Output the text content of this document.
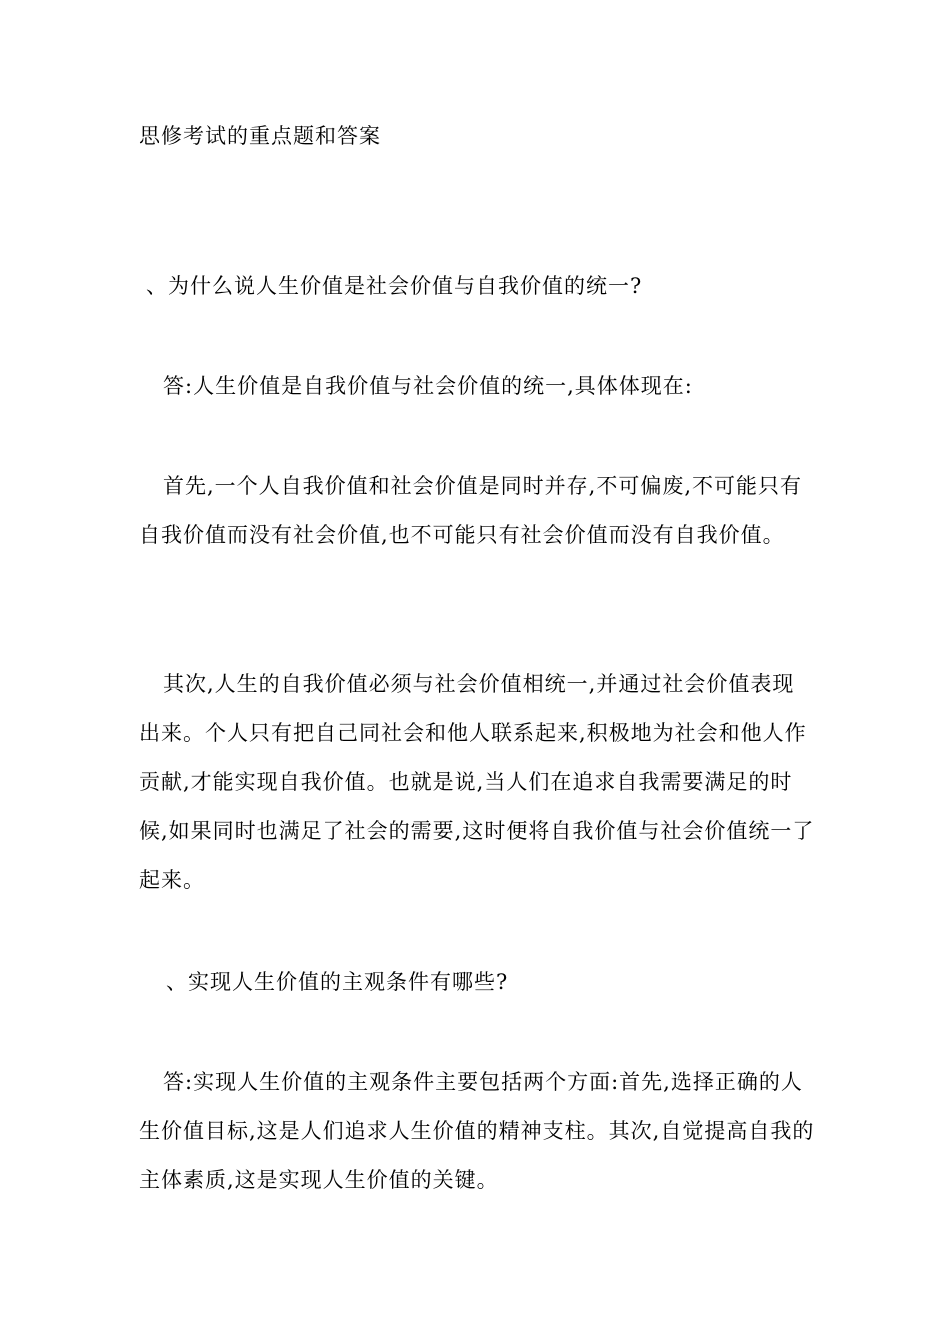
思修考试的重点题和答案

、为什么说人生价值是社会价值与自我价值的统一?

答:人生价值是自我价值与社会价值的统一,具体体现在:

首先,一个人自我价值和社会价值是同时并存,不可偏废,不可能只有自我价值而没有社会价值,也不可能只有社会价值而没有自我价值。

其次,人生的自我价值必须与社会价值相统一,并通过社会价值表现出来。个人只有把自己同社会和他人联系起来,积极地为社会和他人作贡献,才能实现自我价值。也就是说,当人们在追求自我需要满足的时候,如果同时也满足了社会的需要,这时便将自我价值与社会价值统一了起来。

、实现人生价值的主观条件有哪些?

答:实现人生价值的主观条件主要包括两个方面:首先,选择正确的人生价值目标,这是人们追求人生价值的精神支柱。其次,自觉提高自我的主体素质,这是实现人生价值的关键。
